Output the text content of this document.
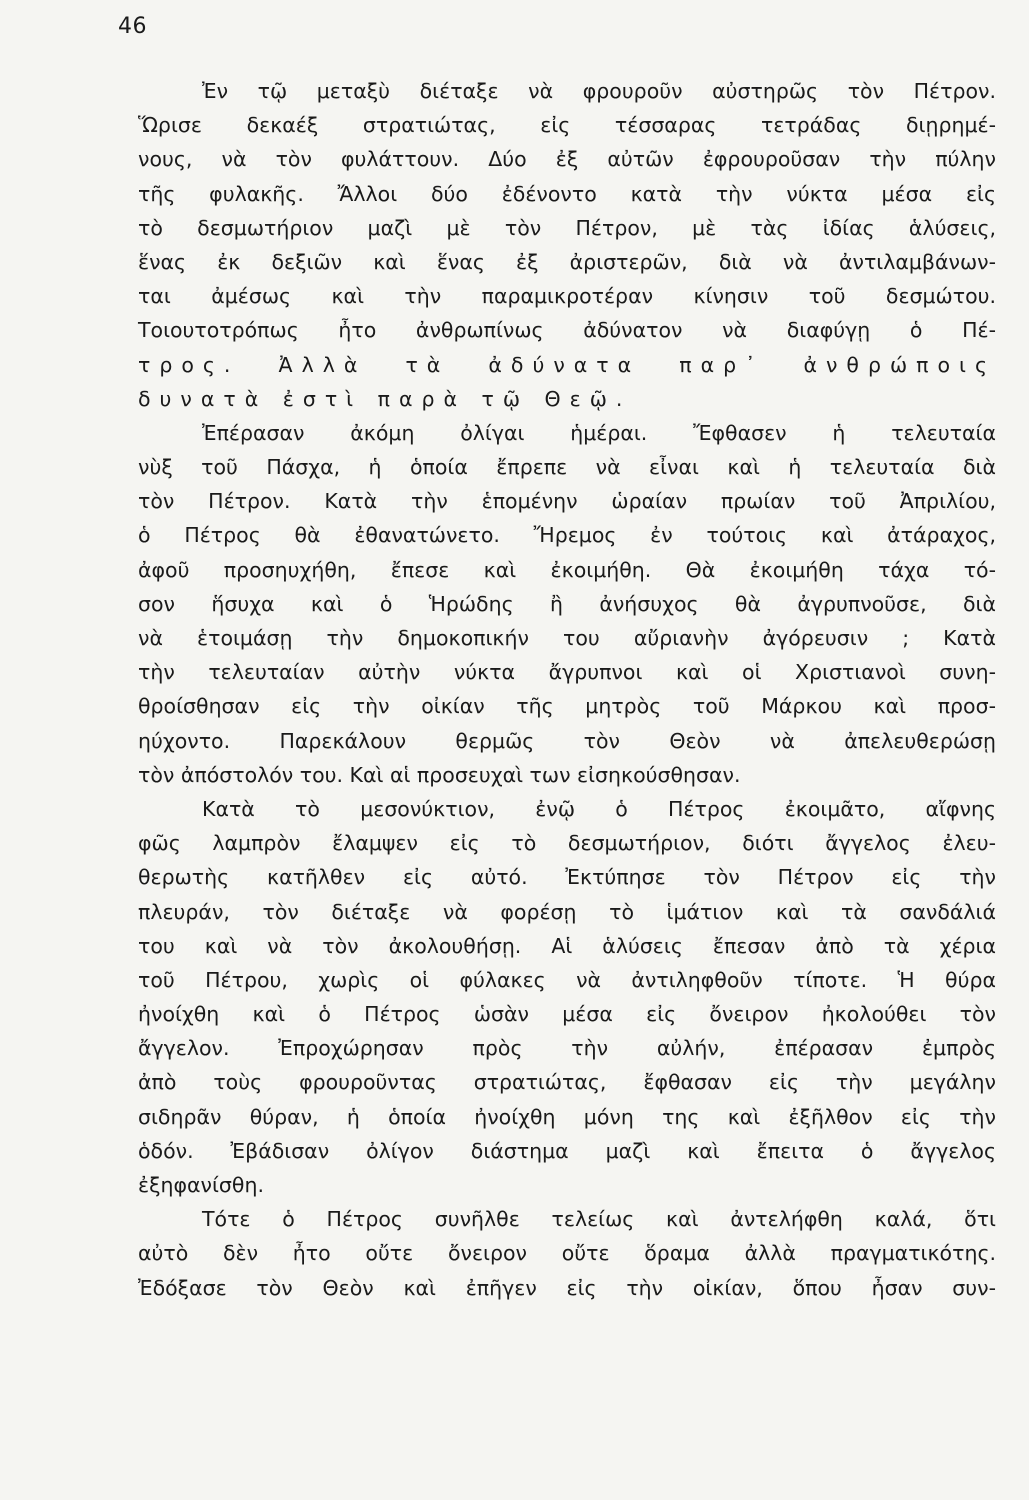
46
Ἐν τῷ μεταξὺ διέταξε νὰ φρουροῦν αὐστηρῶς τὸν Πέτρον.
Ὥρισε δεκαέξ στρατιώτας, εἰς τέσσαρας τετράδας διῃρημέ-
νους, νὰ τὸν φυλάττουν. Δύο ἐξ αὐτῶν ἐφρουροῦσαν τὴν πύλην
τῆς φυλακῆς. Ἄλλοι δύο ἐδένοντο κατὰ τὴν νύκτα μέσα εἰς
τὸ δεσμωτήριον μαζὶ μὲ τὸν Πέτρον, μὲ τὰς ἰδίας ἁλύσεις,
ἕνας ἐκ δεξιῶν καὶ ἕνας ἐξ ἀριστερῶν, διὰ νὰ ἀντιλαμβάνων-
ται ἀμέσως καὶ τὴν παραμικροτέραν κίνησιν τοῦ δεσμώτου.
Τοιουτοτρόπως ἦτο ἀνθρωπίνως ἀδύνατον νὰ διαφύγῃ ὁ Πέ-
τρος. Ἀλλὰ τὰ ἀδύνατα παρ᾽ ἀνθρώποις
δυνατὰ ἐστὶ παρὰ τῷ Θεῷ.
Ἐπέρασαν ἀκόμη ὀλίγαι ἡμέραι. Ἔφθασεν ἡ τελευταία
νὺξ τοῦ Πάσχα, ἡ ὁποία ἔπρεπε νὰ εἶναι καὶ ἡ τελευταία διὰ
τὸν Πέτρον. Κατὰ τὴν ἑπομένην ὡραίαν πρωίαν τοῦ Ἀπριλίου,
ὁ Πέτρος θὰ ἐθανατώνετο. Ἤρεμος ἐν τούτοις καὶ ἀτάραχος,
ἀφοῦ προσηυχήθη, ἔπεσε καὶ ἐκοιμήθη. Θὰ ἐκοιμήθη τάχα τό-
σον ἥσυχα καὶ ὁ Ἡρώδης ἢ ἀνήσυχος θὰ ἀγρυπνοῦσε, διὰ
νὰ ἑτοιμάσῃ τὴν δημοκοπικήν του αὔριανὴν ἀγόρευσιν ; Κατὰ
τὴν τελευταίαν αὐτὴν νύκτα ἄγρυπνοι καὶ οἱ Χριστιανοὶ συνη-
θροίσθησαν εἰς τὴν οἰκίαν τῆς μητρὸς τοῦ Μάρκου καὶ προσ-
ηύχοντο. Παρεκάλουν θερμῶς τὸν Θεὸν νὰ ἀπελευθερώσῃ
τὸν ἀπόστολόν του. Καὶ αἱ προσευχαὶ των εἰσηκούσθησαν.
Κατὰ τὸ μεσονύκτιον, ἐνῷ ὁ Πέτρος ἐκοιμᾶτο, αἴφνης
φῶς λαμπρὸν ἔλαμψεν εἰς τὸ δεσμωτήριον, διότι ἄγγελος ἐλευ-
θερωτὴς κατῆλθεν εἰς αὐτό. Ἐκτύπησε τὸν Πέτρον εἰς τὴν
πλευράν, τὸν διέταξε νὰ φορέσῃ τὸ ἱμάτιον καὶ τὰ σανδάλιά
του καὶ νὰ τὸν ἀκολουθήσῃ. Αἱ ἁλύσεις ἔπεσαν ἀπὸ τὰ χέρια
τοῦ Πέτρου, χωρὶς οἱ φύλακες νὰ ἀντιληφθοῦν τίποτε. Ἡ θύρα
ἠνοίχθη καὶ ὁ Πέτρος ὡσὰν μέσα εἰς ὄνειρον ἠκολούθει τὸν
ἄγγελον. Ἐπροχώρησαν πρὸς τὴν αὐλήν, ἐπέρασαν ἐμπρὸς
ἀπὸ τοὺς φρουροῦντας στρατιώτας, ἔφθασαν εἰς τὴν μεγάλην
σιδηρᾶν θύραν, ἡ ὁποία ἠνοίχθη μόνη της καὶ ἐξῆλθον εἰς τὴν
ὁδόν. Ἐβάδισαν ὀλίγον διάστημα μαζὶ καὶ ἔπειτα ὁ ἄγγελος
ἐξηφανίσθη.
Τότε ὁ Πέτρος συνῆλθε τελείως καὶ ἀντελήφθη καλά, ὅτι
αὐτὸ δὲν ἦτο οὔτε ὄνειρον οὔτε ὅραμα ἀλλὰ πραγματικότης.
Ἐδόξασε τὸν Θεὸν καὶ ἐπῆγεν εἰς τὴν οἰκίαν, ὅπου ἦσαν συν-
